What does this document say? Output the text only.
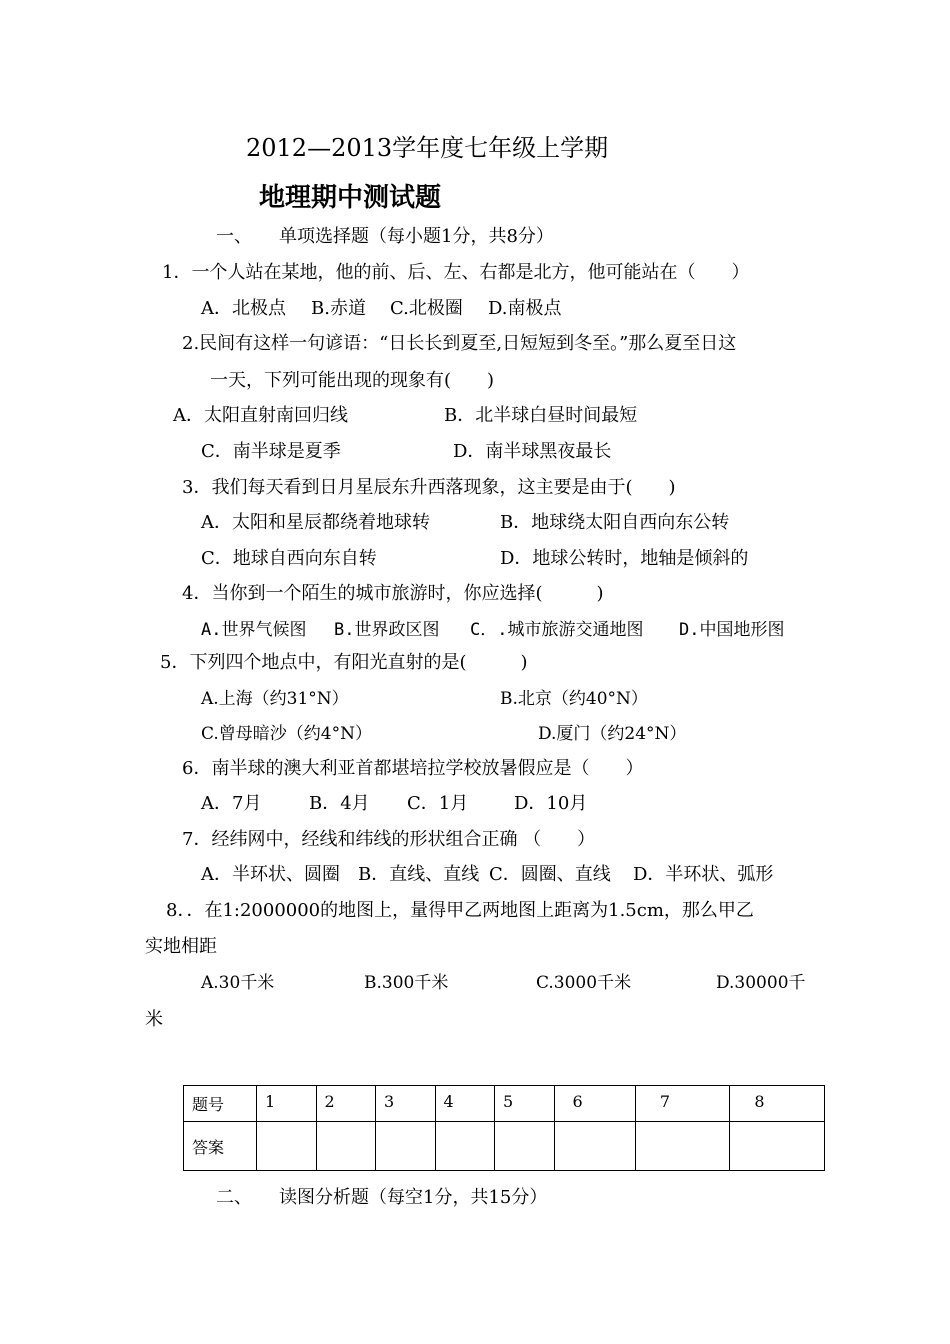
2012—2013学年度七年级上学期
地理期中测试题
一、 单项选择题（每小题1分，共8分）
1．一个人站在某地，他的前、后、左、右都是北方，他可能站在（　　）
A．北极点 B.赤道 C.北极圈 D.南极点
2.民间有这样一句谚语：“日长长到夏至,日短短到冬至。”那么夏至日这
一天，下列可能出现的现象有(　　)
A．太阳直射南回归线	B．北半球白昼时间最短
C．南半球是夏季	D．南半球黑夜最长
3．我们每天看到日月星辰东升西落现象，这主要是由于(　　)
A．太阳和星辰都绕着地球转	B．地球绕太阳自西向东公转
C．地球自西向东自转	D．地球公转时，地轴是倾斜的
4．当你到一个陌生的城市旅游时，你应选择(　　　)
A.世界气候图 B.世界政区图 C．.城市旅游交通地图 D.中国地形图
5．下列四个地点中，有阳光直射的是(　　　)
A.上海（约31°N）	B.北京（约40°N）
C.曾母暗沙（约4°N）	D.厦门（约24°N）
6．南半球的澳大利亚首都堪培拉学校放暑假应是（　　）
A．7月	B．4月 C．1月	D．10月
7．经纬网中，经线和纬线的形状组合正确 （　　）
A．半环状、圆圈 B．直线、直线 C．圆圈、直线 D．半环状、弧形
8．．在1:2000000的地图上，量得甲乙两地图上距离为1.5cm，那么甲乙
实地相距
A.30千米	B.300千米	C.3000千米	D.30000千
米
题号	1	2	3	4	5	6	7	8
答案								
二、 读图分析题（每空1分，共15分）
